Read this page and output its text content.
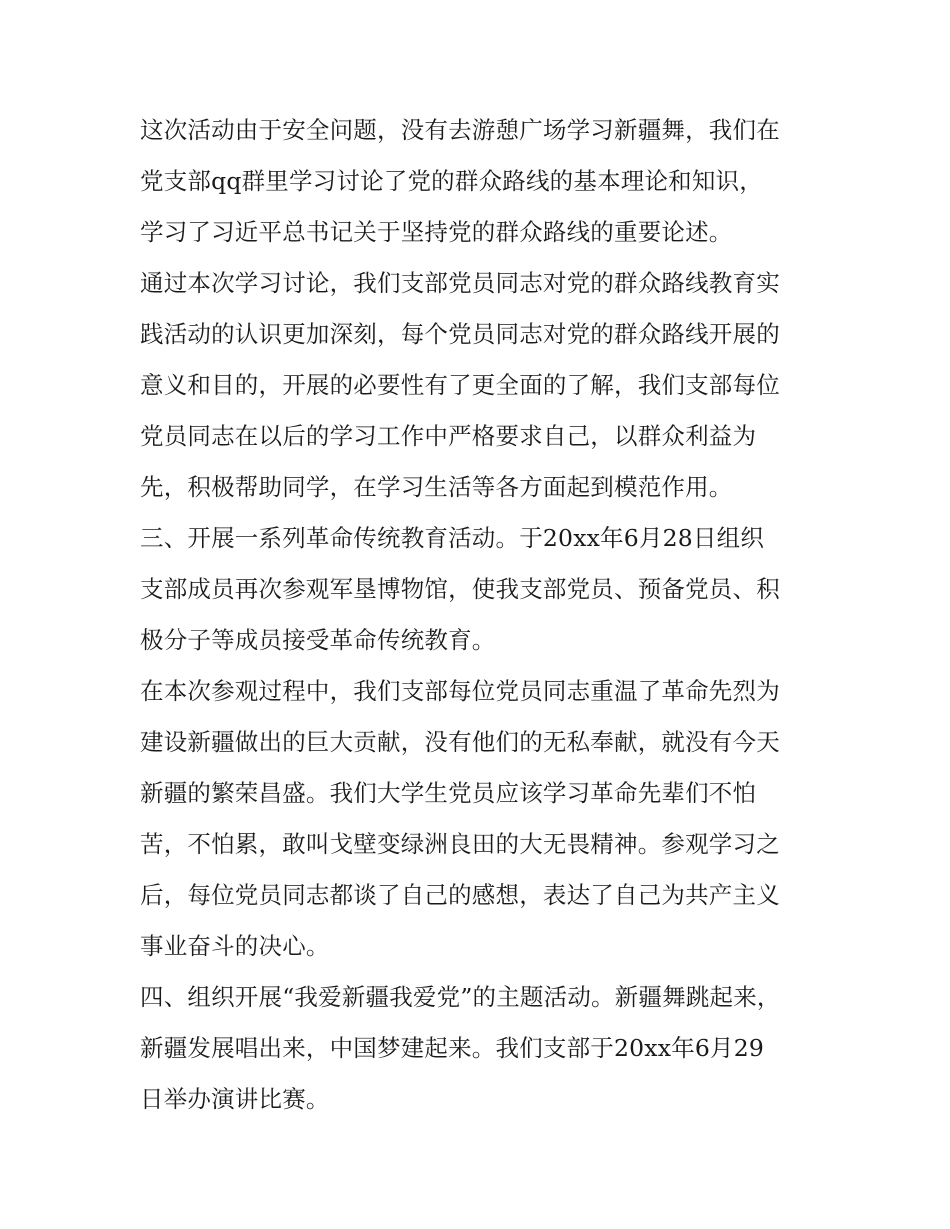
这次活动由于安全问题，没有去游憩广场学习新疆舞，我们在
党支部qq群里学习讨论了党的群众路线的基本理论和知识，
学习了习近平总书记关于坚持党的群众路线的重要论述。
通过本次学习讨论，我们支部党员同志对党的群众路线教育实
践活动的认识更加深刻，每个党员同志对党的群众路线开展的
意义和目的，开展的必要性有了更全面的了解，我们支部每位
党员同志在以后的学习工作中严格要求自己，以群众利益为
先，积极帮助同学，在学习生活等各方面起到模范作用。
三、开展一系列革命传统教育活动。于20xx年6月28日组织
支部成员再次参观军垦博物馆，使我支部党员、预备党员、积
极分子等成员接受革命传统教育。
在本次参观过程中，我们支部每位党员同志重温了革命先烈为
建设新疆做出的巨大贡献，没有他们的无私奉献，就没有今天
新疆的繁荣昌盛。我们大学生党员应该学习革命先辈们不怕
苦，不怕累，敢叫戈壁变绿洲良田的大无畏精神。参观学习之
后，每位党员同志都谈了自己的感想，表达了自己为共产主义
事业奋斗的决心。
四、组织开展“我爱新疆我爱党”的主题活动。新疆舞跳起来，
新疆发展唱出来，中国梦建起来。我们支部于20xx年6月29
日举办演讲比赛。
